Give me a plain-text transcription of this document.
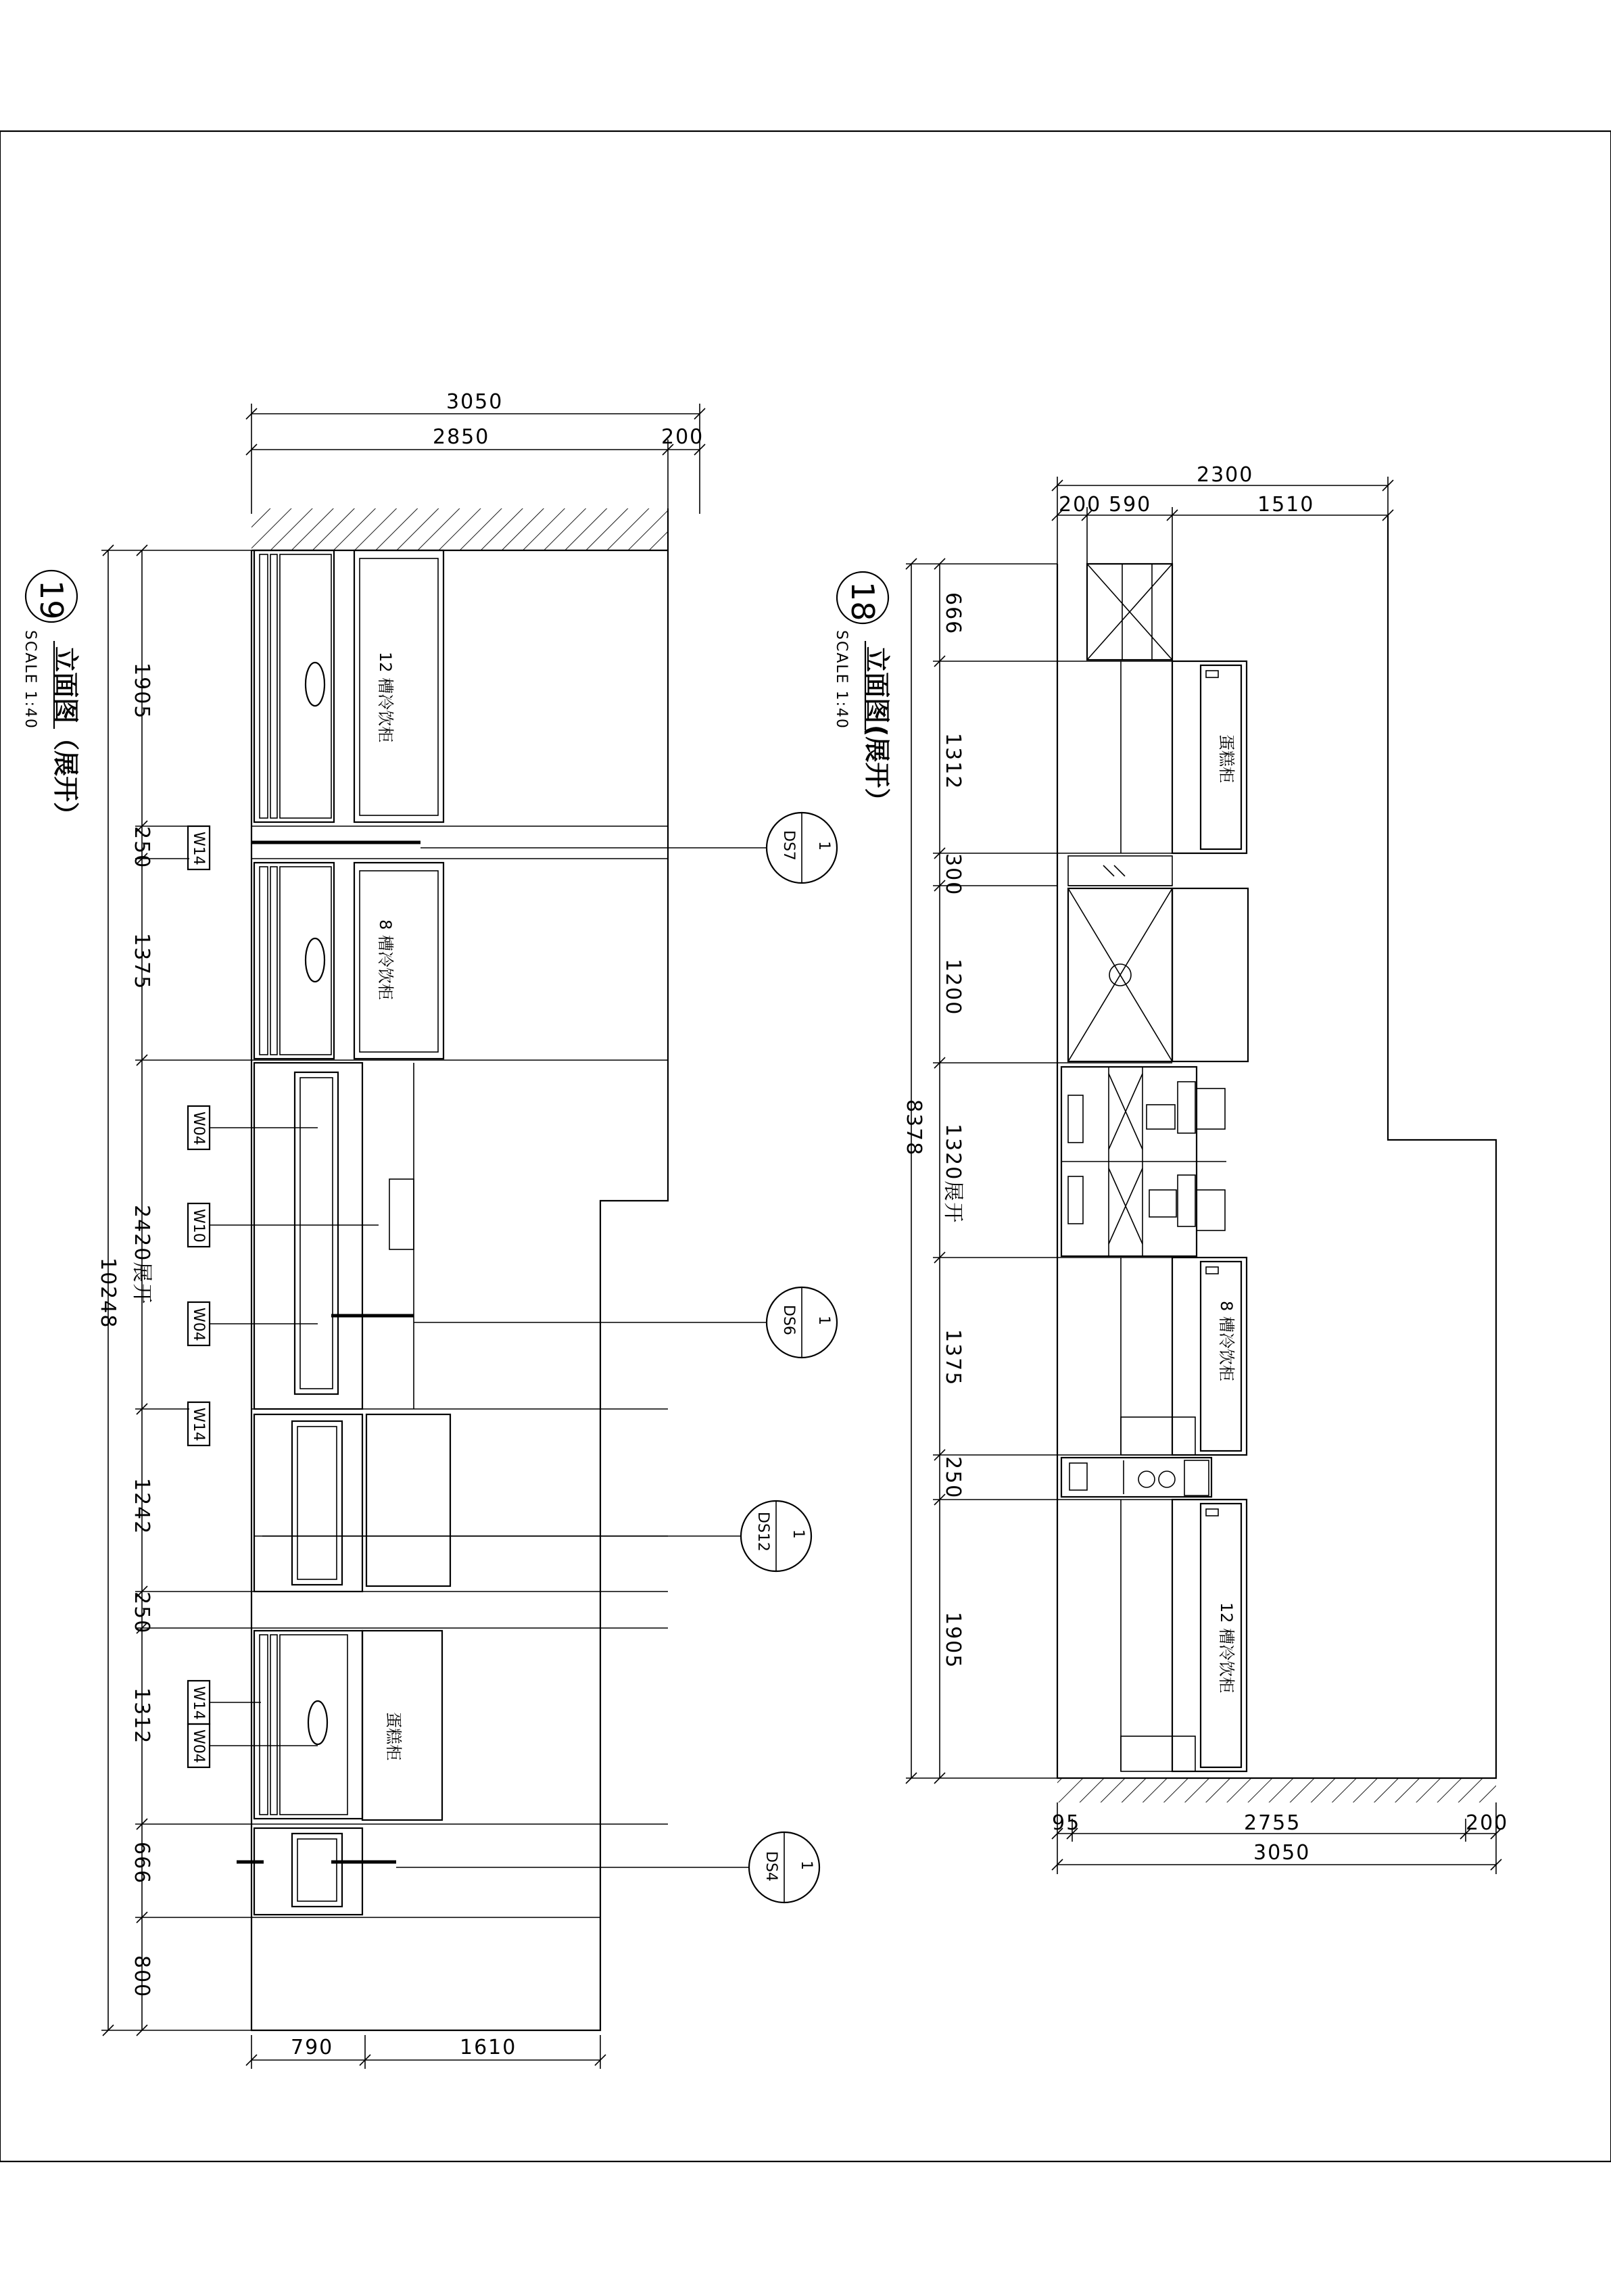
3050
2850	200
12 槽冷饮柜
8 槽冷饮柜
蛋糕柜
790	1610
1905
250
1375
2420展开
1242
250
1312
666
800
10248
W14
W04
W10
W04
W14
W14
W04
1
DS7
1
DS6
1
DS12
1
DS4
19
立面图
（展开）
SCALE 1:40
2300
200 590	1510
蛋糕柜
8 槽冷饮柜
12 槽冷饮柜
95	2755	200
3050
666
1312
300
1200
1320展开
1375
250
1905
8378
18
立面图
(展开）
SCALE 1:40
